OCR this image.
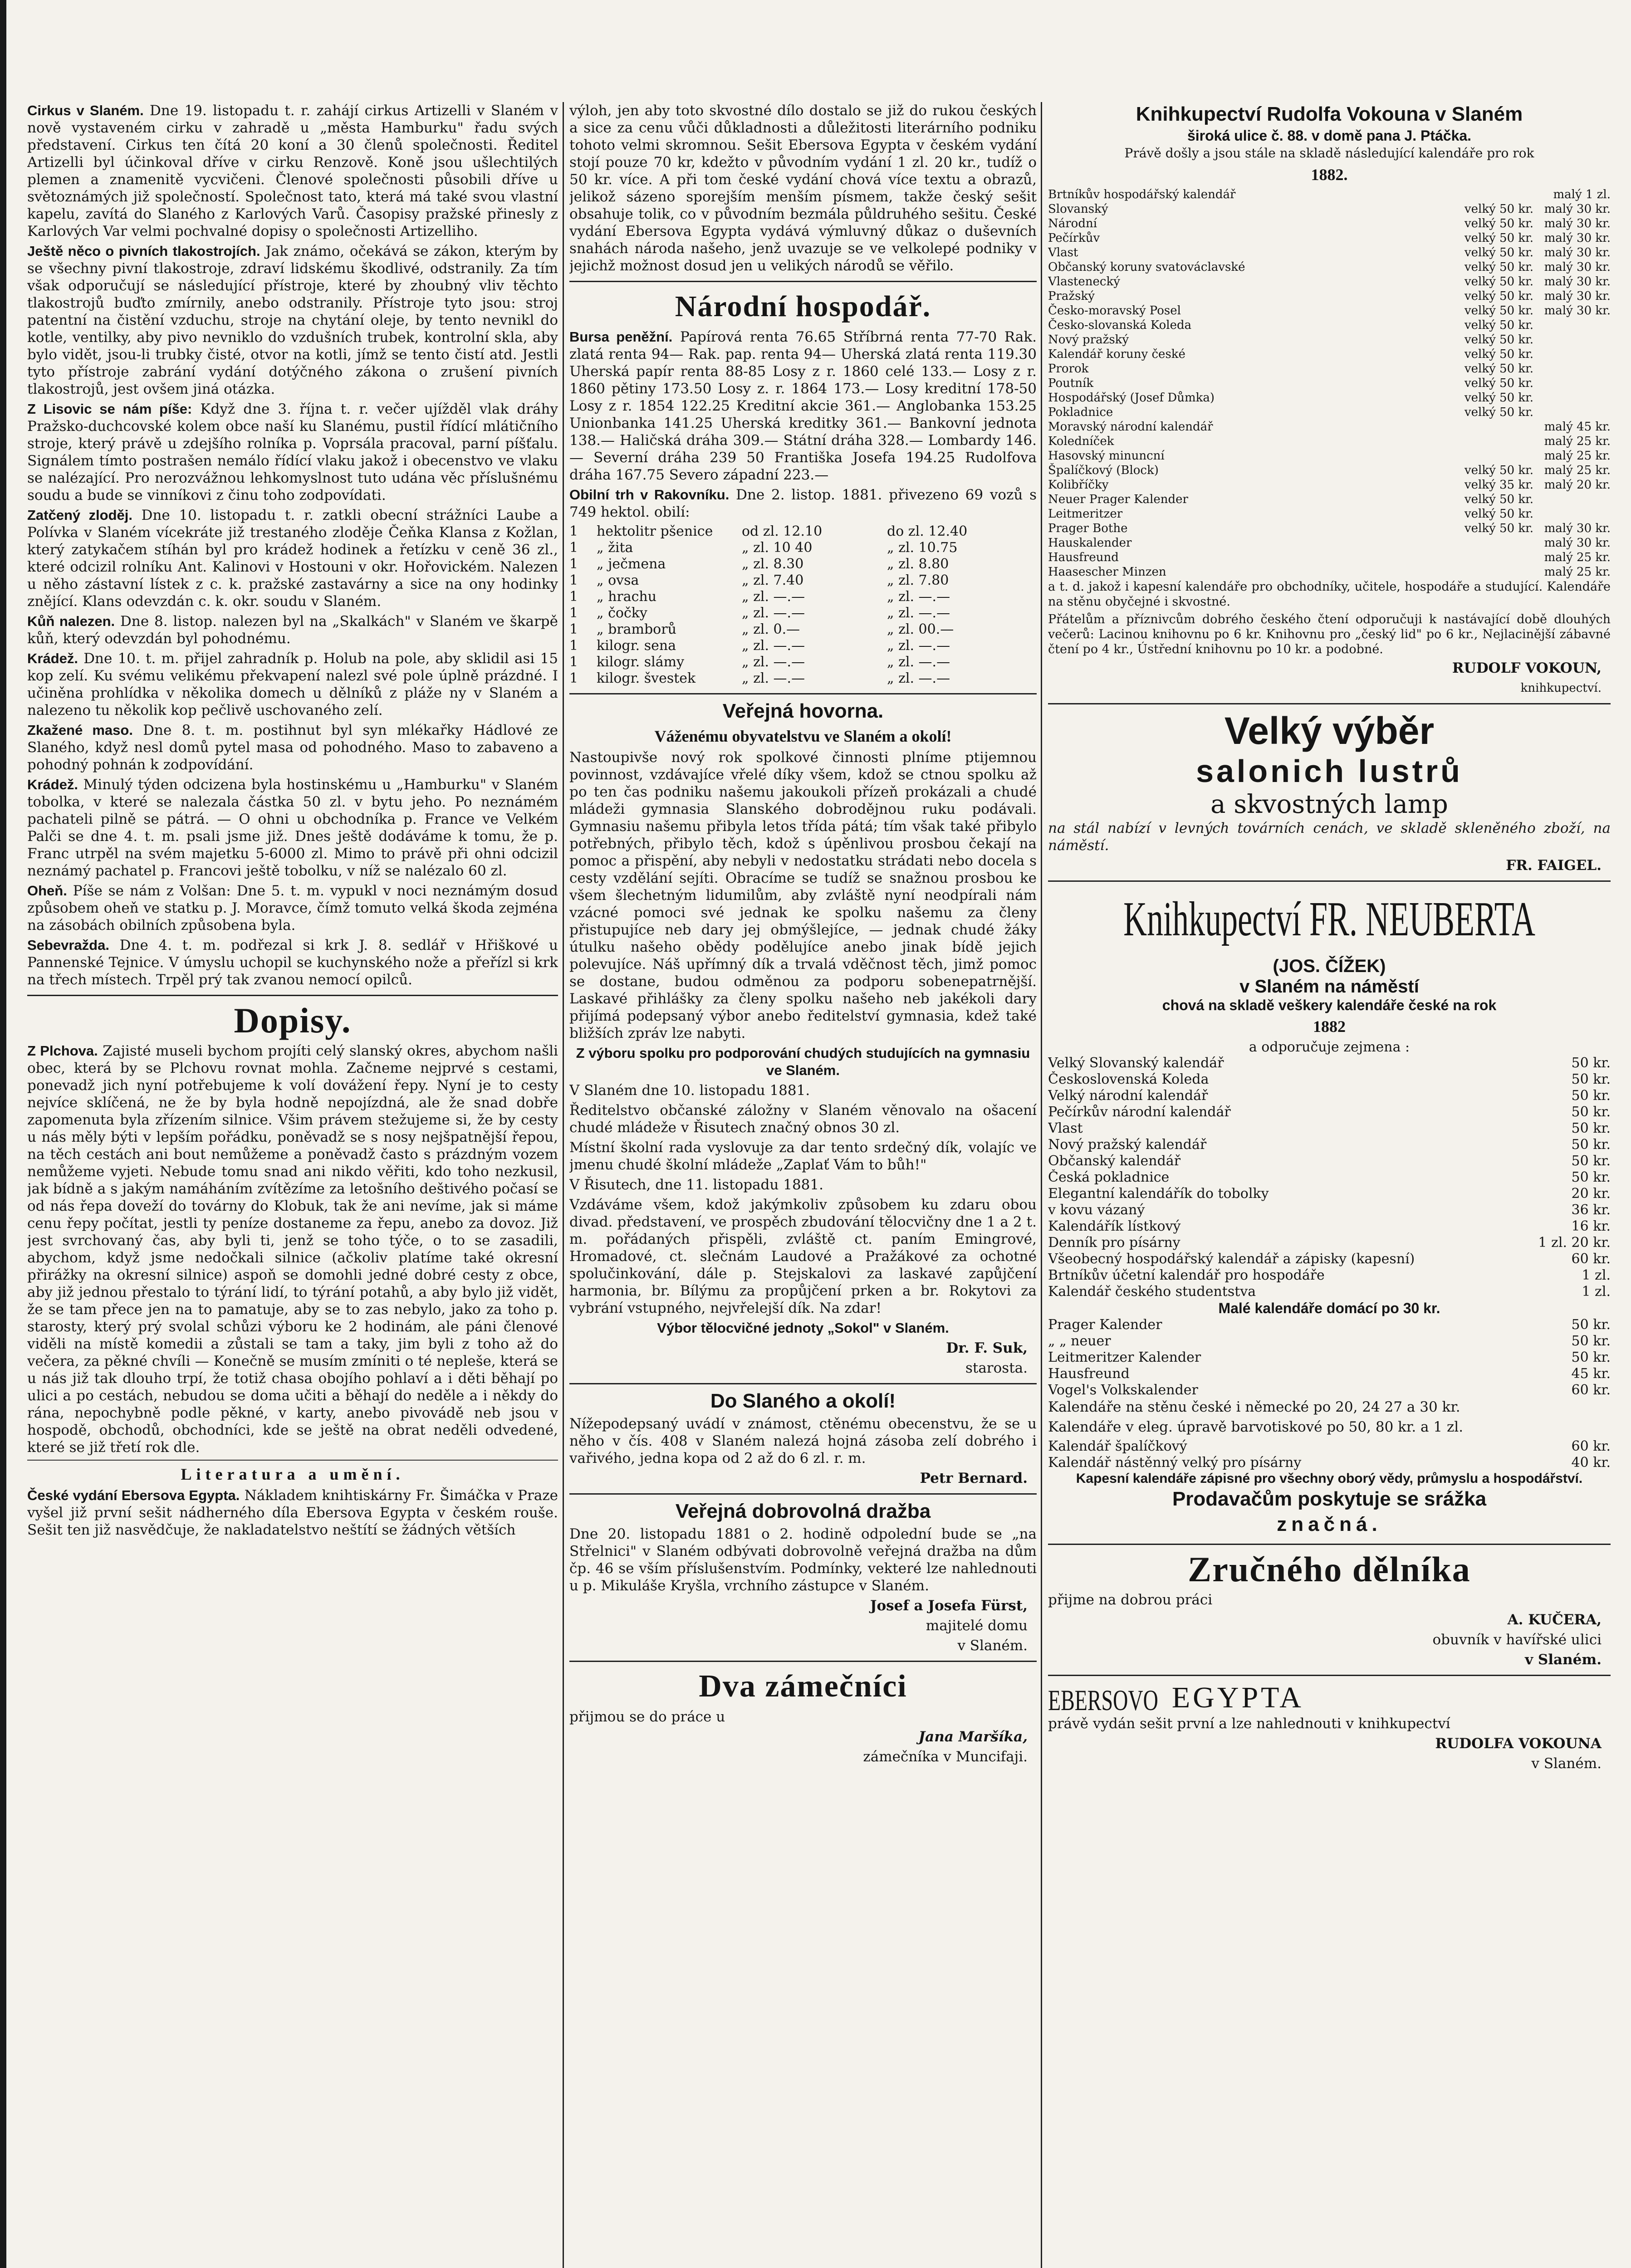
Cirkus v Slaném. Dne 19. listopadu t. r. zahájí cirkus Artizelli v Slaném v nově vystaveném cirku v zahradě u „města Hamburku" řadu svých představení. Cirkus ten čítá 20 koní a 30 členů společnosti. Ředitel Artizelli byl účinkoval dříve v cirku Renzově. Koně jsou ušlechtilých plemen a znamenitě vycvičeni. Členové společnosti působili dříve u světoznámých již společností. Společnost tato, která má také svou vlastní kapelu, zavítá do Slaného z Karlových Varů. Časopisy pražské přinesly z Karlových Var velmi pochvalné dopisy o společnosti Artizelliho.

Ještě něco o pivních tlakostrojích. Jak známo, očekává se zákon, kterým by se všechny pivní tlakostroje, zdraví lidskému škodlivé, odstranily. Za tím však odporučují se následující přístroje, které by zhoubný vliv těchto tlakostrojů buďto zmírnily, anebo odstranily. Přístroje tyto jsou: stroj patentní na čistění vzduchu, stroje na chytání oleje, by tento nevnikl do kotle, ventilky, aby pivo nevniklo do vzdušních trubek, kontrolní skla, aby bylo vidět, jsou-li trubky čisté, otvor na kotli, jímž se tento čistí atd. Jestli tyto přístroje zabrání vydání dotýčného zákona o zrušení pivních tlakostrojů, jest ovšem jiná otázka.

Z Lisovic se nám píše: Když dne 3. října t. r. večer ujížděl vlak dráhy Pražsko-duchcovské kolem obce naší ku Slanému, pustil řídící mlátičního stroje, který právě u zdejšího rolníka p. Voprsála pracoval, parní píšťalu. Signálem tímto postrašen nemálo řídící vlaku jakož i obecenstvo ve vlaku se nalézající. Pro nerozvážnou lehkomyslnost tuto udána věc příslušnému soudu a bude se vinníkovi z činu toho zodpovídati.

Zatčený zloděj. Dne 10. listopadu t. r. zatkli obecní strážníci Laube a Polívka v Slaném vícekráte již trestaného zloděje Čeňka Klansa z Kožlan, který zatykačem stíhán byl pro krádež hodinek a řetízku v ceně 36 zl., které odcizil rolníku Ant. Kalinovi v Hostouni v okr. Hořovickém. Nalezen u něho zástavní lístek z c. k. pražské zastavárny a sice na ony hodinky znějící. Klans odevzdán c. k. okr. soudu v Slaném.

Kůň nalezen. Dne 8. listop. nalezen byl na „Skalkách" v Slaném ve škarpě kůň, který odevzdán byl pohodnému.

Krádež. Dne 10. t. m. přijel zahradník p. Holub na pole, aby sklidil asi 15 kop zelí. Ku svému velikému překvapení nalezl své pole úplně prázdné. I učiněna prohlídka v několika domech u dělníků z pláže ny v Slaném a nalezeno tu několik kop pečlivě uschovaného zelí.

Zkažené maso. Dne 8. t. m. postihnut byl syn mlékařky Hádlové ze Slaného, když nesl domů pytel masa od pohodného. Maso to zabaveno a pohodný pohnán k zodpovídání.

Krádež. Minulý týden odcizena byla hostinskému u „Hamburku" v Slaném tobolka, v které se nalezala částka 50 zl. v bytu jeho. Po neznámém pachateli pilně se pátrá. — O ohni u obchodníka p. France ve Velkém Palči se dne 4. t. m. psali jsme již. Dnes ještě dodáváme k tomu, že p. Franc utrpěl na svém majetku 5-6000 zl. Mimo to právě při ohni odcizil neznámý pachatel p. Francovi ještě tobolku, v níž se nalézalo 60 zl.

Oheň. Píše se nám z Volšan: Dne 5. t. m. vypukl v noci neznámým dosud způsobem oheň ve statku p. J. Moravce, čímž tomuto velká škoda zejména na zásobách obilních způsobena byla.

Sebevražda. Dne 4. t. m. podřezal si krk J. 8. sedlář v Hřiškové u Pannenské Tejnice. V úmyslu uchopil se kuchynského nože a přeřízl si krk na třech místech. Trpěl prý tak zvanou nemocí opilců.

Dopisy.

Z Plchova. Zajisté museli bychom projíti celý slanský okres, abychom našli obec, která by se Plchovu rovnat mohla. Začneme nejprvé s cestami, ponevadž jich nyní potřebujeme k volí dovážení řepy. Nyní je to cesty nejvíce sklíčená, ne že by byla hodně nepojízdná, ale že snad dobře zapomenuta byla zřízením silnice. Všim právem stežujeme si, že by cesty u nás měly býti v lepším pořádku, poněvadž se s nosy nejšpatnější řepou, na těch cestách ani bout nemůžeme a poněvadž často s prázdným vozem nemůžeme vyjeti. Nebude tomu snad ani nikdo věřiti, kdo toho nezkusil, jak bídně a s jakým namáháním zvítězíme za letošního deštivého počasí se od nás řepa doveží do továrny do Klobuk, tak že ani nevíme, jak si máme cenu řepy počítat, jestli ty peníze dostaneme za řepu, anebo za dovoz. Již jest svrchovaný čas, aby byli ti, jenž se toho týče, o to se zasadili, abychom, když jsme nedočkali silnice (ačkoliv platíme také okresní přirážky na okresní silnice) aspoň se domohli jedné dobré cesty z obce, aby již jednou přestalo to týrání lidí, to týrání potahů, a aby bylo již vidět, že se tam přece jen na to pamatuje, aby se to zas nebylo, jako za toho p. starosty, který prý svolal schůzi výboru ke 2 hodinám, ale páni členové viděli na místě komedii a zůstali se tam a taky, jim byli z toho až do večera, za pěkné chvíli — Konečně se musím zmíniti o té nepleše, která se u nás již tak dlouho trpí, že totiž chasa obojího pohlaví a i děti běhají po ulici a po cestách, nebudou se doma učiti a běhají do neděle a i někdy do rána, nepochybně podle pěkné, v karty, anebo pivovádě neb jsou v hospodě, obchodů, obchodníci, kde se ještě na obrat neděli odvedené, které se již třetí rok dle.

Literatura a umění.

České vydání Ebersova Egypta. Nákladem knihtiskárny Fr. Šimáčka v Praze vyšel již první sešit nádherného díla Ebersova Egypta v českém rouše. Sešit ten již nasvědčuje, že nakladatelstvo neštítí se žádných větších

výloh, jen aby toto skvostné dílo dostalo se již do rukou českých a sice za cenu vůči důkladnosti a důležitosti literárního podniku tohoto velmi skromnou. Sešit Ebersova Egypta v českém vydání stojí pouze 70 kr, kdežto v původním vydání 1 zl. 20 kr., tudíž o 50 kr. více. A při tom české vydání chová více textu a obrazů, jelikož sázeno sporejším menším písmem, takže český sešit obsahuje tolik, co v původním bezmála půldruhého sešitu. České vydání Ebersova Egypta vydává výmluvný důkaz o duševních snahách národa našeho, jenž uvazuje se ve velkolepé podniky v jejichž možnost dosud jen u velikých národů se věřilo.

Národní hospodář.

Bursa peněžní. Papírová renta 76.65 Stříbrná renta 77-70 Rak. zlatá renta 94— Rak. pap. renta 94— Uherská zlatá renta 119.30 Uherská papír renta 88-85 Losy z r. 1860 celé 133.— Losy z r. 1860 pětiny 173.50 Losy z. r. 1864 173.— Losy kreditní 178-50 Losy z r. 1854 122.25 Kreditní akcie 361.— Anglobanka 153.25 Unionbanka 141.25 Uherská kreditky 361.— Bankovní jednota 138.— Haličská dráha 309.— Státní dráha 328.— Lombardy 146.— Severní dráha 239 50 Františka Josefa 194.25 Rudolfova dráha 167.75 Severo západní 223.—

Obilní trh v Rakovníku. Dne 2. listop. 1881. přivezeno 69 vozů s 749 hektol. obilí:

1	hektolitr pšenice	od zl. 12.10	do zl. 12.40
1	„ žita	„ zl. 10 40	„ zl. 10.75
1	„ ječmena	„ zl. 8.30	„ zl. 8.80
1	„ ovsa	„ zl. 7.40	„ zl. 7.80
1	„ hrachu	„ zl. —.—	„ zl. —.—
1	„ čočky	„ zl. —.—	„ zl. —.—
1	„ bramborů	„ zl. 0.—	„ zl. 00.—
1	kilogr. sena	„ zl. —.—	„ zl. —.—
1	kilogr. slámy	„ zl. —.—	„ zl. —.—
1	kilogr. švestek	„ zl. —.—	„ zl. —.—
Veřejná hovorna.
Váženému obyvatelstvu ve Slaném a okolí!

Nastoupivše nový rok spolkové činnosti plníme ptijemnou povinnost, vzdávajíce vřelé díky všem, kdož se ctnou spolku až po ten čas podniku našemu jakoukoli přízeň prokázali a chudé mládeži gymnasia Slanského dobrodějnou ruku podávali. Gymnasiu našemu přibyla letos třída pátá; tím však také přibylo potřebných, přibylo těch, kdož s úpěnlivou prosbou čekají na pomoc a přispění, aby nebyli v nedostatku strádati nebo docela s cesty vzdělání sejíti. Obracíme se tudíž se snažnou prosbou ke všem šlechetným lidumilům, aby zvláště nyní neodpírali nám vzácné pomoci své jednak ke spolku našemu za členy přistupujíce neb dary jej obmýšlejíce, — jednak chudé žáky útulku našeho obědy podělujíce anebo jinak bídě jejich polevujíce. Náš upřímný dík a trvalá vděčnost těch, jimž pomoc se dostane, budou odměnou za podporu sobenepatrnější. Laskavé přihlášky za členy spolku našeho neb jakékoli dary přijímá podepsaný výbor anebo ředitelství gymnasia, kdež také bližších zpráv lze nabyti.

Z výboru spolku pro podporování chudých studujících na gymnasiu ve Slaném.

V Slaném dne 10. listopadu 1881.

Ředitelstvo občanské záložny v Slaném věnovalo na ošacení chudé mládeže v Řisutech značný obnos 30 zl.

Místní školní rada vyslovuje za dar tento srdečný dík, volajíc ve jmenu chudé školní mládeže „Zaplať Vám to bůh!"

V Řisutech, dne 11. listopadu 1881.

Vzdáváme všem, kdož jakýmkoliv způsobem ku zdaru obou divad. představení, ve prospěch zbudování tělocvičny dne 1 a 2 t. m. pořádaných přispěli, zvláště ct. paním Emingrové, Hromadové, ct. slečnám Laudové a Pražákové za ochotné spolučinkování, dále p. Stejskalovi za laskavé zapůjčení harmonia, br. Bílýmu za propůjčení prken a br. Rokytovi za vybrání vstupného, nejvřelejší dík. Na zdar!

Výbor tělocvičné jednoty „Sokol" v Slaném.

Dr. F. Suk,
starosta.
Do Slaného a okolí!

Nížepodepsaný uvádí v známost, ctěnému obecenstvu, že se u něho v čís. 408 v Slaném nalezá hojná zásoba zelí dobrého i vařivého, jedna kopa od 2 až do 6 zl. r. m.

Petr Bernard.
Veřejná dobrovolná dražba

Dne 20. listopadu 1881 o 2. hodině odpolední bude se „na Střelnici" v Slaném odbývati dobrovolně veřejná dražba na dům čp. 46 se vším příslušenstvím. Podmínky, vekteré lze nahlednouti u p. Mikuláše Kryšla, vrchního zástupce v Slaném.

Josef a Josefa Fürst,
majitelé domu
v Slaném.
Dva zámečníci

přijmou se do práce u

Jana Maršíka,
zámečníka v Muncifaji.
Knihkupectví Rudolfa Vokouna v Slaném
široká ulice č. 88. v domě pana J. Ptáčka.

Právě došly a jsou stále na skladě následující kalendáře pro rok

1882.
Brtníkův hospodářský kalendář	malý 1 zl.
Slovanský	velký 50 kr. malý 30 kr.
Národní	velký 50 kr. malý 30 kr.
Pečírkův	velký 50 kr. malý 30 kr.
Vlast	velký 50 kr. malý 30 kr.
Občanský koruny svatováclavské	velký 50 kr. malý 30 kr.
Vlastenecký	velký 50 kr. malý 30 kr.
Pražský	velký 50 kr. malý 30 kr.
Česko-moravský Posel	velký 50 kr. malý 30 kr.
Česko-slovanská Koleda	velký 50 kr.
Nový pražský	velký 50 kr.
Kalendář koruny české	velký 50 kr.
Prorok	velký 50 kr.
Poutník	velký 50 kr.
Hospodářský (Josef Důmka)	velký 50 kr.
Pokladnice	velký 50 kr.
Moravský národní kalendář	malý 45 kr.
Koledníček	malý 25 kr.
Hasovský minuncní	malý 25 kr.
Špalíčkový (Block)	velký 50 kr. malý 25 kr.
Kolibříčky	velký 35 kr. malý 20 kr.
Neuer Prager Kalender	velký 50 kr.
Leitmeritzer	velký 50 kr.
Prager Bothe	velký 50 kr. malý 30 kr.
Hauskalender	malý 30 kr.
Hausfreund	malý 25 kr.
Haasescher Minzen	malý 25 kr.

a t. d. jakož i kapesní kalendáře pro obchodníky, učitele, hospodáře a studující. Kalendáře na stěnu obyčejné i skvostné.

Přátelům a příznivcům dobrého českého čtení odporučuji k nastávající době dlouhých večerů: Lacinou knihovnu po 6 kr. Knihovnu pro „český lid" po 6 kr., Nejlacinější zábavné čtení po 4 kr., Ústřední knihovnu po 10 kr. a podobné.

RUDOLF VOKOUN,
knihkupectví.
Velký výběr
salonich lustrů
a skvostných lamp

na stál nabízí v levných továrních cenách, ve skladě skleněného zboží, na náměstí.

FR. FAIGEL.
Knihkupectví FR. NEUBERTA
(JOS. ČÍŽEK)
v Slaném na náměstí
chová na skladě veškery kalendáře české na rok
1882
a odporučuje zejmena :
Velký Slovanský kalendář	50 kr.
Československá Koleda	50 kr.
Velký národní kalendář	50 kr.
Pečírkův národní kalendář	50 kr.
Vlast	50 kr.
Nový pražský kalendář	50 kr.
Občanský kalendář	50 kr.
Česká pokladnice	50 kr.
Elegantní kalendářík do tobolky	20 kr.
v kovu vázaný	36 kr.
Kalendářík lístkový	16 kr.
Denník pro písárny	1 zl. 20 kr.
Všeobecný hospodářský kalendář a zápisky (kapesní)	60 kr.
Brtníkův účetní kalendář pro hospodáře	1 zl.
Kalendář českého studentstva	1 zl.
Malé kalendáře domácí po 30 kr.
Prager Kalender	50 kr.
„ „ neuer	50 kr.
Leitmeritzer Kalender	50 kr.
Hausfreund	45 kr.
Vogel's Volkskalender	60 kr.

Kalendáře na stěnu české i německé po 20, 24 27 a 30 kr.

Kalendáře v eleg. úpravě barvotiskové po 50, 80 kr. a 1 zl.

Kalendář špalíčkový	60 kr.
Kalendář nástěnný velký pro písárny	40 kr.
Kapesní kalendáře zápisné pro všechny oborý vědy, průmyslu a hospodářství.
Prodavačům poskytuje se srážka
značná.
Zručného dělníka

přijme na dobrou práci

A. KUČERA,
obuvník v havířské ulici
v Slaném.
EBERSOVO EGYPTA

právě vydán sešit první a lze nahlednouti v knihkupectví

RUDOLFA VOKOUNA
v Slaném.
